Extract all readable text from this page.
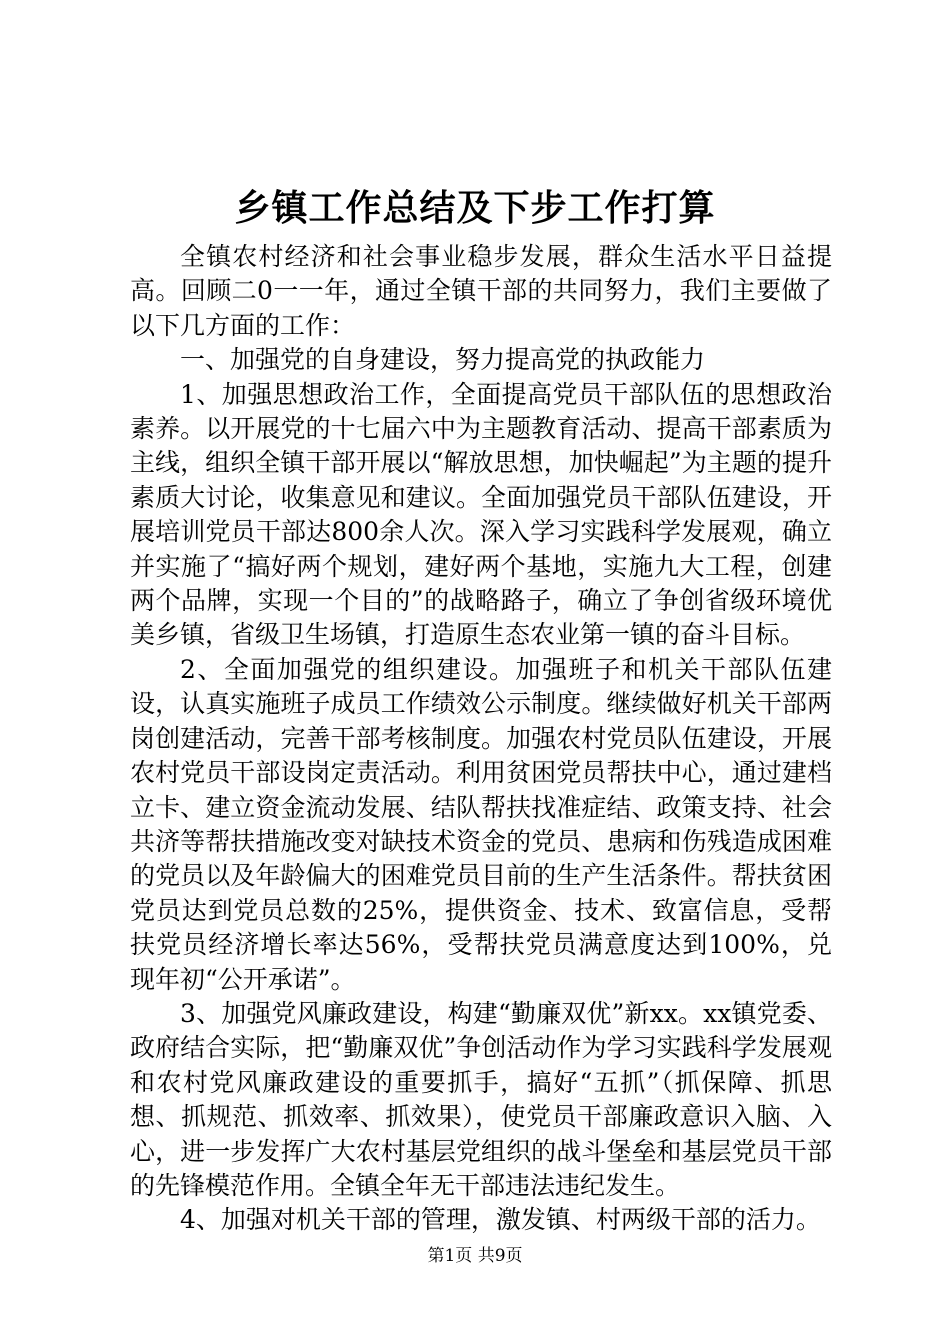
乡镇工作总结及下步工作打算

全镇农村经济和社会事业稳步发展，群众生活水平日益提高。回顾二0一一年，通过全镇干部的共同努力，我们主要做了以下几方面的工作：

一、加强党的自身建设，努力提高党的执政能力

1、加强思想政治工作，全面提高党员干部队伍的思想政治素养。以开展党的十七届六中为主题教育活动、提高干部素质为主线，组织全镇干部开展以“解放思想，加快崛起”为主题的提升素质大讨论，收集意见和建议。全面加强党员干部队伍建设，开展培训党员干部达800余人次。深入学习实践科学发展观，确立并实施了“搞好两个规划，建好两个基地，实施九大工程，创建两个品牌，实现一个目的”的战略路子，确立了争创省级环境优美乡镇，省级卫生场镇，打造原生态农业第一镇的奋斗目标。

2、全面加强党的组织建设。加强班子和机关干部队伍建设，认真实施班子成员工作绩效公示制度。继续做好机关干部两岗创建活动，完善干部考核制度。加强农村党员队伍建设，开展农村党员干部设岗定责活动。利用贫困党员帮扶中心，通过建档立卡、建立资金流动发展、结队帮扶找准症结、政策支持、社会共济等帮扶措施改变对缺技术资金的党员、患病和伤残造成困难的党员以及年龄偏大的困难党员目前的生产生活条件。帮扶贫困党员达到党员总数的25%，提供资金、技术、致富信息，受帮扶党员经济增长率达56%，受帮扶党员满意度达到100%，兑现年初“公开承诺”。

3、加强党风廉政建设，构建“勤廉双优”新xx。xx镇党委、政府结合实际，把“勤廉双优”争创活动作为学习实践科学发展观和农村党风廉政建设的重要抓手，搞好“五抓”（抓保障、抓思想、抓规范、抓效率、抓效果），使党员干部廉政意识入脑、入心，进一步发挥广大农村基层党组织的战斗堡垒和基层党员干部的先锋模范作用。全镇全年无干部违法违纪发生。

4、加强对机关干部的管理，激发镇、村两级干部的活力。

第1页 共9页
